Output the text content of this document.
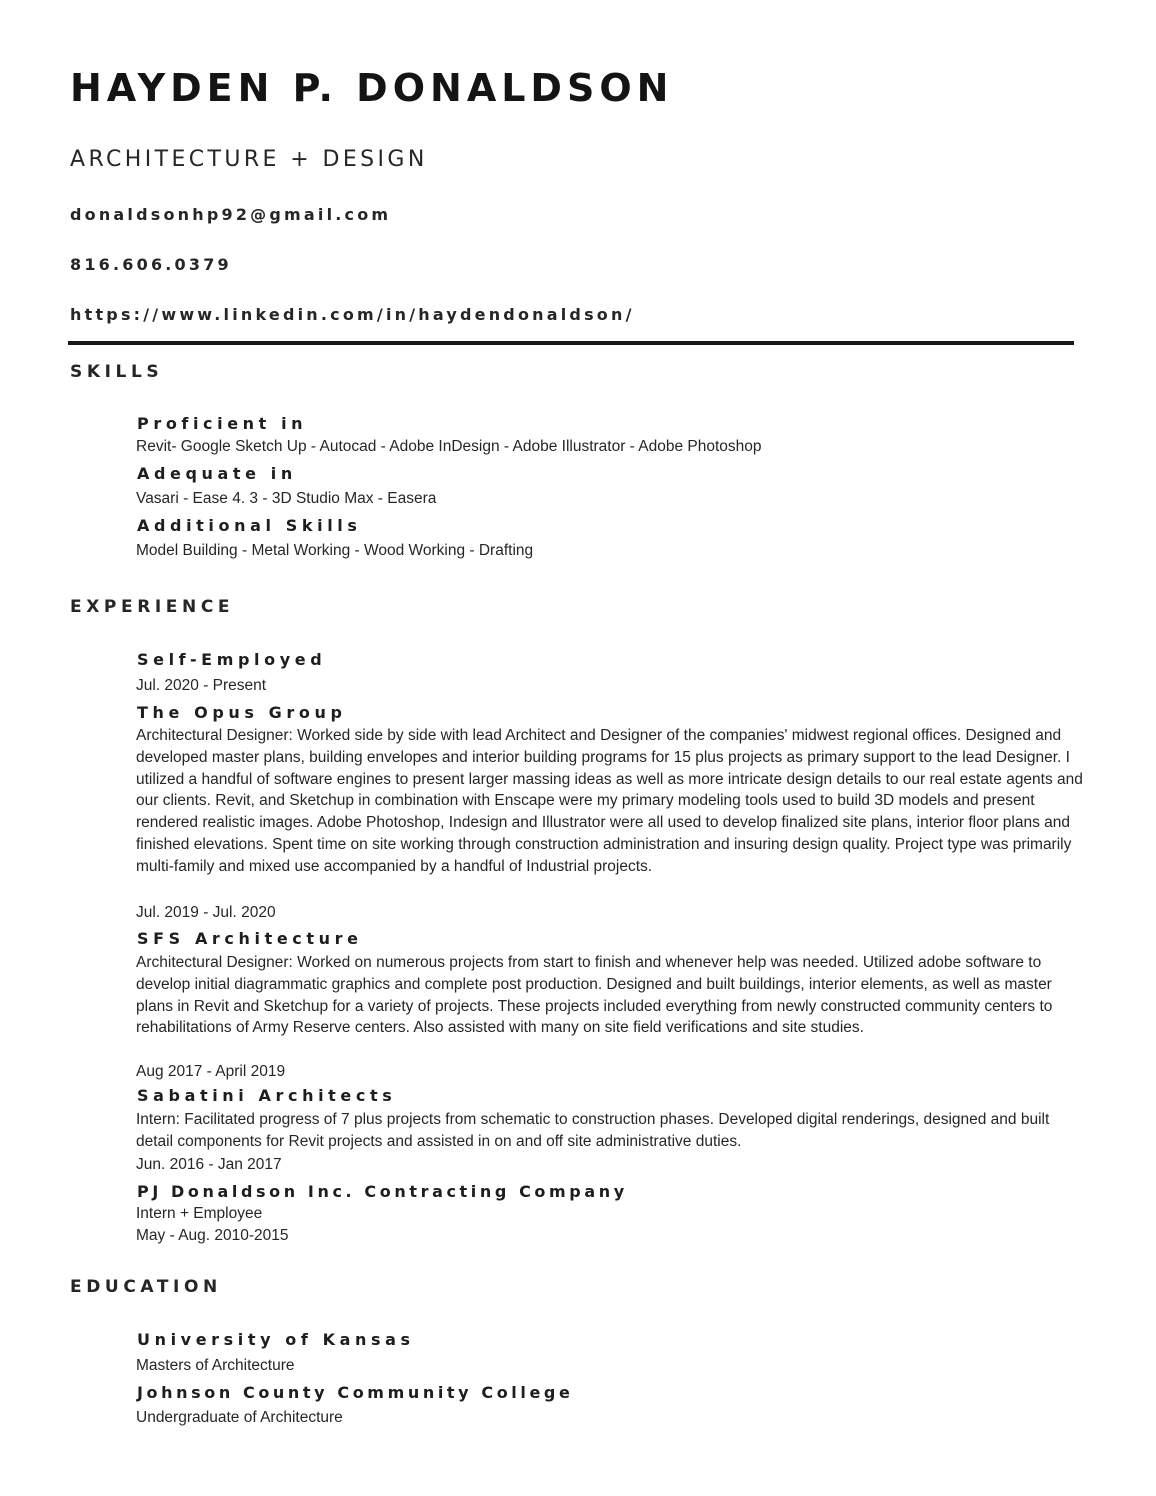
HAYDEN P. DONALDSON
ARCHITECTURE + DESIGN
donaldsonhp92@gmail.com
816.606.0379
https://www.linkedin.com/in/haydendonaldson/
SKILLS
Proficient in
Revit- Google Sketch Up - Autocad - Adobe InDesign - Adobe Illustrator - Adobe Photoshop
Adequate in
Vasari - Ease 4. 3 - 3D Studio Max - Easera
Additional Skills
Model Building - Metal Working - Wood Working - Drafting
EXPERIENCE
Self-Employed
Jul. 2020 - Present
The Opus Group
Architectural Designer: Worked side by side with lead Architect and Designer of the companies' midwest regional offices. Designed and developed master plans, building envelopes and interior building programs for 15 plus projects as primary support to the lead Designer. I utilized a handful of software engines to present larger massing ideas as well as more intricate design details to our real estate agents and our clients. Revit, and Sketchup in combination with Enscape were my primary modeling tools used to build 3D models and present rendered realistic images. Adobe Photoshop, Indesign and Illustrator were all used to develop finalized site plans, interior floor plans and finished elevations. Spent time on site working through construction administration and insuring design quality. Project type was primarily multi-family and mixed use accompanied by a handful of Industrial projects.
Jul. 2019 - Jul. 2020
SFS Architecture
Architectural Designer: Worked on numerous projects from start to finish and whenever help was needed. Utilized adobe software to develop initial diagrammatic graphics and complete post production. Designed and built buildings, interior elements, as well as master plans in Revit and Sketchup for a variety of projects. These projects included everything from newly constructed community centers to rehabilitations of Army Reserve centers. Also assisted with many on site field verifications and site studies.
Aug 2017 - April 2019
Sabatini Architects
Intern: Facilitated progress of 7 plus projects from schematic to construction phases. Developed digital renderings, designed and built detail components for Revit projects and assisted in on and off site administrative duties.
Jun. 2016 - Jan 2017
PJ Donaldson Inc. Contracting Company
Intern + Employee
May - Aug. 2010-2015
EDUCATION
University of Kansas
Masters of Architecture
Johnson County Community College
Undergraduate of Architecture
